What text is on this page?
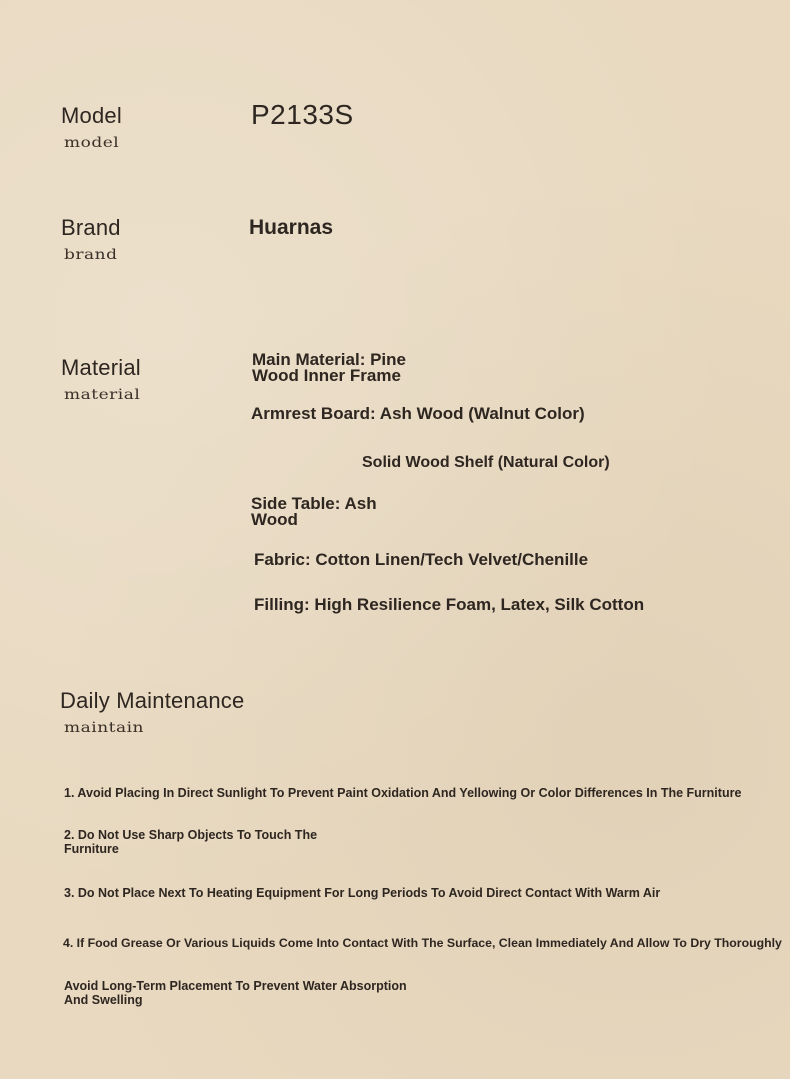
Model
model
P2133S
Brand
brand
Huarnas
Material
material
Main Material: Pine Wood Inner Frame
Armrest Board: Ash Wood (Walnut Color)
Solid Wood Shelf (Natural Color)
Side Table: Ash Wood
Fabric: Cotton Linen/Tech Velvet/Chenille
Filling: High Resilience Foam, Latex, Silk Cotton
Daily Maintenance
maintain
1. Avoid Placing In Direct Sunlight To Prevent Paint Oxidation And Yellowing Or Color Differences In The Furniture
2. Do Not Use Sharp Objects To Touch The Furniture
3. Do Not Place Next To Heating Equipment For Long Periods To Avoid Direct Contact With Warm Air
4. If Food Grease Or Various Liquids Come Into Contact With The Surface, Clean Immediately And Allow To Dry Thoroughly
Avoid Long-Term Placement To Prevent Water Absorption And Swelling
